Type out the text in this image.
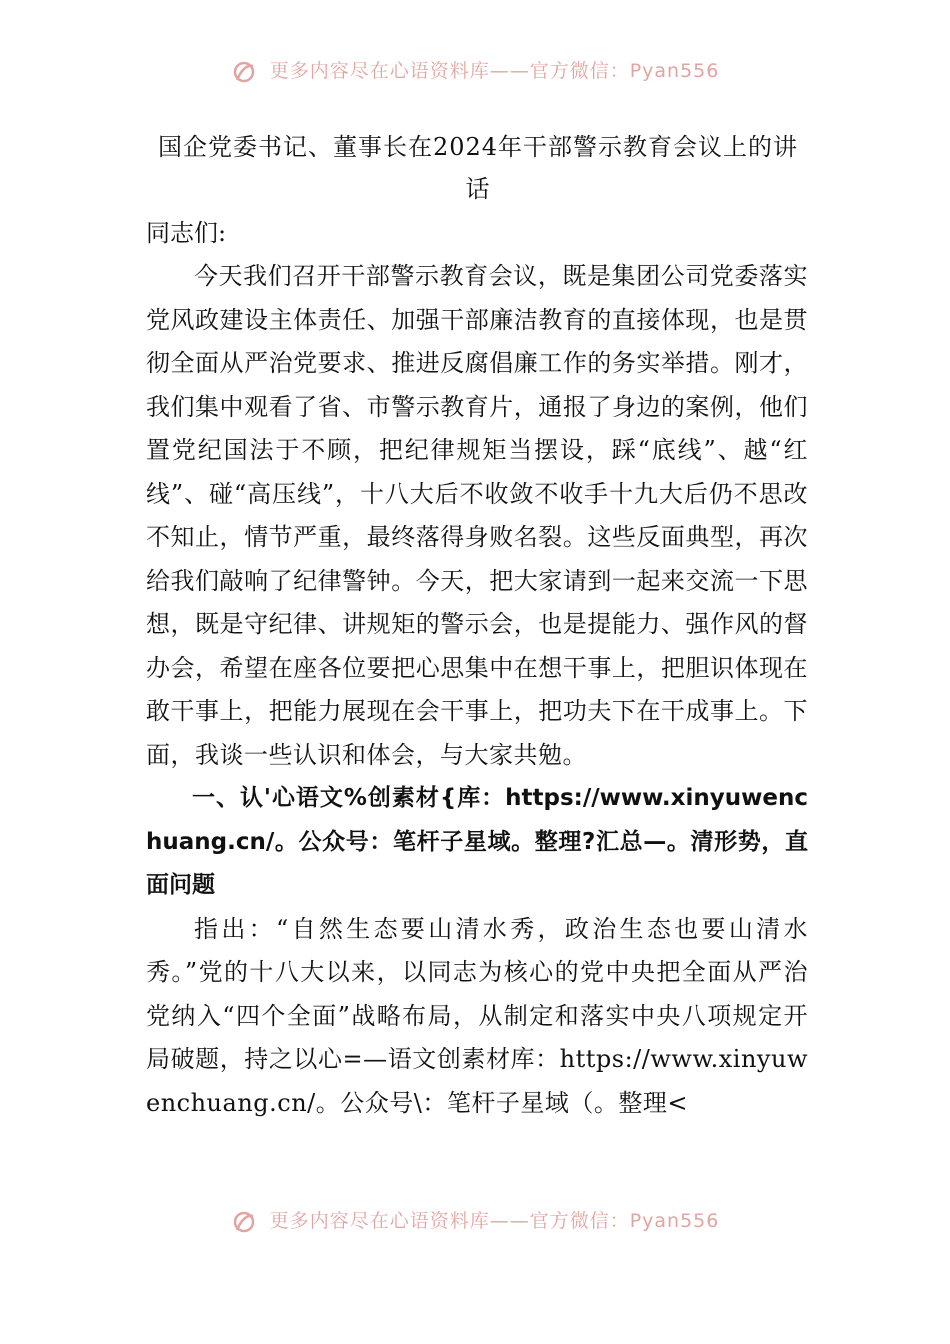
更多内容尽在心语资料库——官方微信：Pyan556
国企党委书记、董事长在2024年干部警示教育会议上的讲话

同志们:

今天我们召开干部警示教育会议，既是集团公司党委落实党风政建设主体责任、加强干部廉洁教育的直接体现，也是贯彻全面从严治党要求、推进反腐倡廉工作的务实举措。刚才，我们集中观看了省、市警示教育片，通报了身边的案例，他们置党纪国法于不顾，把纪律规矩当摆设，踩“底线”、越“红线”、碰“高压线”，十八大后不收敛不收手十九大后仍不思改不知止，情节严重，最终落得身败名裂。这些反面典型，再次给我们敲响了纪律警钟。今天，把大家请到一起来交流一下思想，既是守纪律、讲规矩的警示会，也是提能力、强作风的督办会，希望在座各位要把心思集中在想干事上，把胆识体现在敢干事上，把能力展现在会干事上，把功夫下在干成事上。下面，我谈一些认识和体会，与大家共勉。

一、认'心语文%创素材{库：https://www.xinyuwenchuang.cn/。公众号：笔杆子星域。整理?汇总—。清形势，直面问题

指出：“自然生态要山清水秀，政治生态也要山清水秀。”党的十八大以来，以同志为核心的党中央把全面从严治党纳入“四个全面”战略布局，从制定和落实中央八项规定开局破题，持之以心=—语文创素材库：https://www.xinyuwenchuang.cn/。公众号\：笔杆子星域（。整理<

更多内容尽在心语资料库——官方微信：Pyan556
